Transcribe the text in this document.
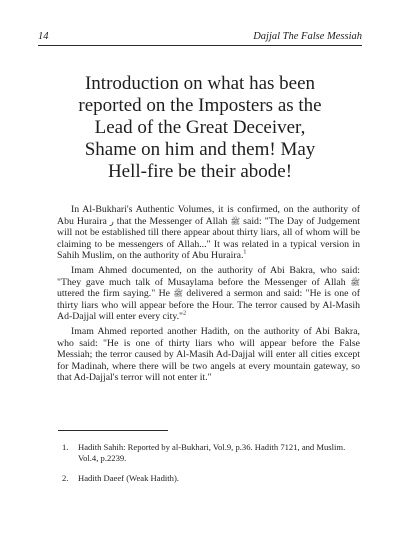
14	Dajjal The False Messiah
Introduction on what has been
reported on the Imposters as the
Lead of the Great Deceiver,
Shame on him and them! May
Hell-fire be their abode!

In Al-Bukhari's Authentic Volumes, it is confirmed, on the authority of Abu Huraira ر that the Messenger of Allah ﷺ said: "The Day of Judgement will not be established till there appear about thirty liars, all of whom will be claiming to be messengers of Allah..." It was related in a typical version in Sahih Muslim, on the authority of Abu Huraira.$^1$

Imam Ahmed documented, on the authority of Abi Bakra, who said: "They gave much talk of Musaylama before the Messenger of Allah ﷺ uttered the firm saying." He ﷺ delivered a sermon and said: "He is one of thirty liars who will appear before the Hour. The terror caused by Al-Masih Ad-Dajjal will enter every city."$^2$

Imam Ahmed reported another Hadith, on the authority of Abi Bakra, who said: "He is one of thirty liars who will appear before the False Messiah; the terror caused by Al-Masih Ad-Dajjal will enter all cities except for Madinah, where there will be two angels at every mountain gateway, so that Ad-Dajjal's terror will not enter it."

1.	Hadith Sahih: Reported by al-Bukhari, Vol.9, p.36. Hadith 7121, and Muslim. Vol.4, p.2239.
2.	Hadith Daeef (Weak Hadith).
